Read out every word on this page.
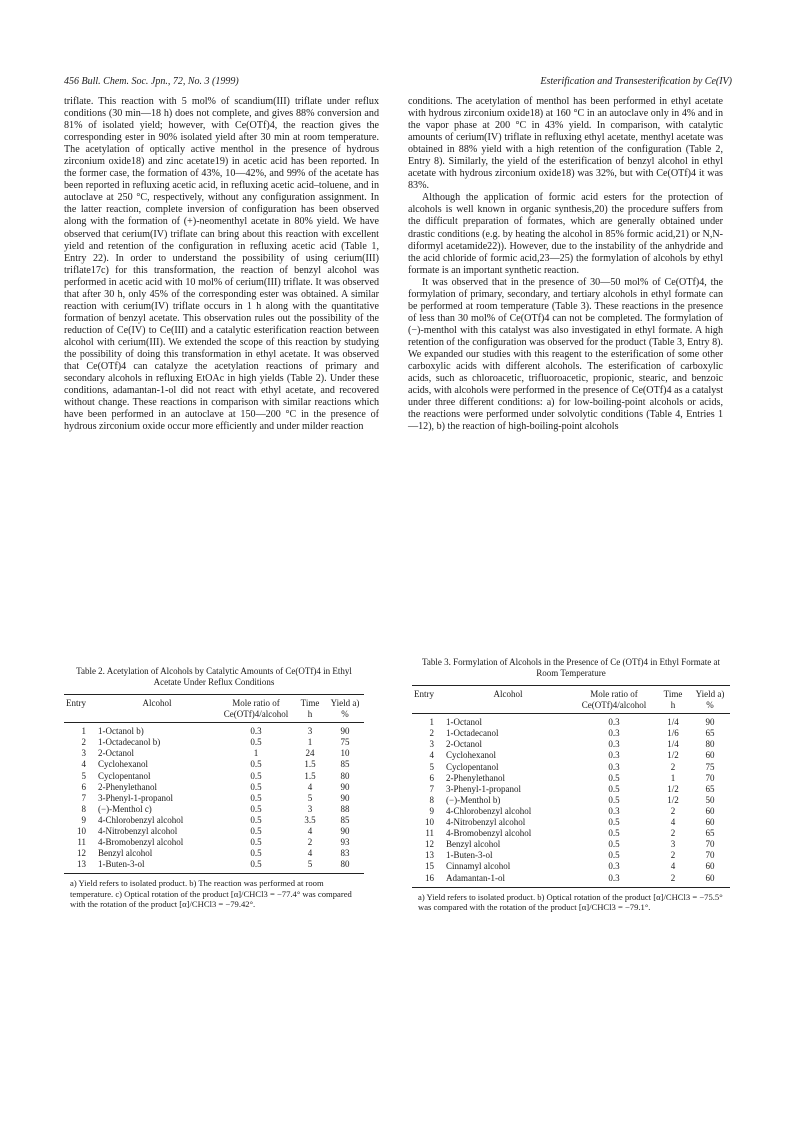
456 Bull. Chem. Soc. Jpn., 72, No. 3 (1999)	Esterification and Transesterification by Ce(IV)

triflate. This reaction with 5 mol% of scandium(III) triflate under reflux conditions (30 min—18 h) does not complete, and gives 88% conversion and 81% of isolated yield; however, with Ce(OTf)4, the reaction gives the corresponding ester in 90% isolated yield after 30 min at room temperature. The acetylation of optically active menthol in the presence of hydrous zirconium oxide18) and zinc acetate19) in acetic acid has been reported. In the former case, the formation of 43%, 10—42%, and 99% of the acetate has been reported in refluxing acetic acid, in refluxing acetic acid–toluene, and in autoclave at 250 °C, respectively, without any configuration assignment. In the latter reaction, complete inversion of configuration has been observed along with the formation of (+)-neomenthyl acetate in 80% yield. We have observed that cerium(IV) triflate can bring about this reaction with excellent yield and retention of the configuration in refluxing acetic acid (Table 1, Entry 22). In order to understand the possibility of using cerium(III) triflate17c) for this transformation, the reaction of benzyl alcohol was performed in acetic acid with 10 mol% of cerium(III) triflate. It was observed that after 30 h, only 45% of the corresponding ester was obtained. A similar reaction with cerium(IV) triflate occurs in 1 h along with the quantitative formation of benzyl acetate. This observation rules out the possibility of the reduction of Ce(IV) to Ce(III) and a catalytic esterification reaction between alcohol with cerium(III). We extended the scope of this reaction by studying the possibility of doing this transformation in ethyl acetate. It was observed that Ce(OTf)4 can catalyze the acetylation reactions of primary and secondary alcohols in refluxing EtOAc in high yields (Table 2). Under these conditions, adamantan-1-ol did not react with ethyl acetate, and recovered without change. These reactions in comparison with similar reactions which have been performed in an autoclave at 150—200 °C in the presence of hydrous zirconium oxide occur more efficiently and under milder reaction

conditions. The acetylation of menthol has been performed in ethyl acetate with hydrous zirconium oxide18) at 160 °C in an autoclave only in 4% and in the vapor phase at 200 °C in 43% yield. In comparison, with catalytic amounts of cerium(IV) triflate in refluxing ethyl acetate, menthyl acetate was obtained in 88% yield with a high retention of the configuration (Table 2, Entry 8). Similarly, the yield of the esterification of benzyl alcohol in ethyl acetate with hydrous zirconium oxide18) was 32%, but with Ce(OTf)4 it was 83%.

Although the application of formic acid esters for the protection of alcohols is well known in organic synthesis,20) the procedure suffers from the difficult preparation of formates, which are generally obtained under drastic conditions (e.g. by heating the alcohol in 85% formic acid,21) or N,N-diformyl acetamide22)). However, due to the instability of the anhydride and the acid chloride of formic acid,23—25) the formylation of alcohols by ethyl formate is an important synthetic reaction.

It was observed that in the presence of 30—50 mol% of Ce(OTf)4, the formylation of primary, secondary, and tertiary alcohols in ethyl formate can be performed at room temperature (Table 3). These reactions in the presence of less than 30 mol% of Ce(OTf)4 can not be completed. The formylation of (−)-menthol with this catalyst was also investigated in ethyl formate. A high retention of the configuration was observed for the product (Table 3, Entry 8). We expanded our studies with this reagent to the esterification of some other carboxylic acids with different alcohols. The esterification of carboxylic acids, such as chloroacetic, trifluoroacetic, propionic, stearic, and benzoic acids, with alcohols were performed in the presence of Ce(OTf)4 as a catalyst under three different conditions: a) for low-boiling-point alcohols or acids, the reactions were performed under solvolytic conditions (Table 4, Entries 1—12), b) the reaction of high-boiling-point alcohols

Table 2. Acetylation of Alcohols by Catalytic Amounts of Ce(OTf)4 in Ethyl Acetate Under Reflux Conditions
Entry	Alcohol	Mole ratio of	Time	Yield a)
		Ce(OTf)4/alcohol	h	%
1	1-Octanol b)	0.3	3	90
2	1-Octadecanol b)	0.5	1	75
3	2-Octanol	1	24	10
4	Cyclohexanol	0.5	1.5	85
5	Cyclopentanol	0.5	1.5	80
6	2-Phenylethanol	0.5	4	90
7	3-Phenyl-1-propanol	0.5	5	90
8	(−)-Menthol c)	0.5	3	88
9	4-Chlorobenzyl alcohol	0.5	3.5	85
10	4-Nitrobenzyl alcohol	0.5	4	90
11	4-Bromobenzyl alcohol	0.5	2	93
12	Benzyl alcohol	0.5	4	83
13	1-Buten-3-ol	0.5	5	80
a) Yield refers to isolated product. b) The reaction was performed at room temperature. c) Optical rotation of the product [α]/CHCl3 = −77.4° was compared with the rotation of the product [α]/CHCl3 = −79.42°.
Table 3. Formylation of Alcohols in the Presence of Ce (OTf)4 in Ethyl Formate at Room Temperature
Entry	Alcohol	Mole ratio of	Time	Yield a)
		Ce(OTf)4/alcohol	h	%
1	1-Octanol	0.3	1/4	90
2	1-Octadecanol	0.3	1/6	65
3	2-Octanol	0.3	1/4	80
4	Cyclohexanol	0.3	1/2	60
5	Cyclopentanol	0.3	2	75
6	2-Phenylethanol	0.5	1	70
7	3-Phenyl-1-propanol	0.5	1/2	65
8	(−)-Menthol b)	0.5	1/2	50
9	4-Chlorobenzyl alcohol	0.3	2	60
10	4-Nitrobenzyl alcohol	0.5	4	60
11	4-Bromobenzyl alcohol	0.5	2	65
12	Benzyl alcohol	0.5	3	70
13	1-Buten-3-ol	0.5	2	70
15	Cinnamyl alcohol	0.3	4	60
16	Adamantan-1-ol	0.3	2	60
a) Yield refers to isolated product. b) Optical rotation of the product [α]/CHCl3 = −75.5° was compared with the rotation of the product [α]/CHCl3 = −79.1°.
